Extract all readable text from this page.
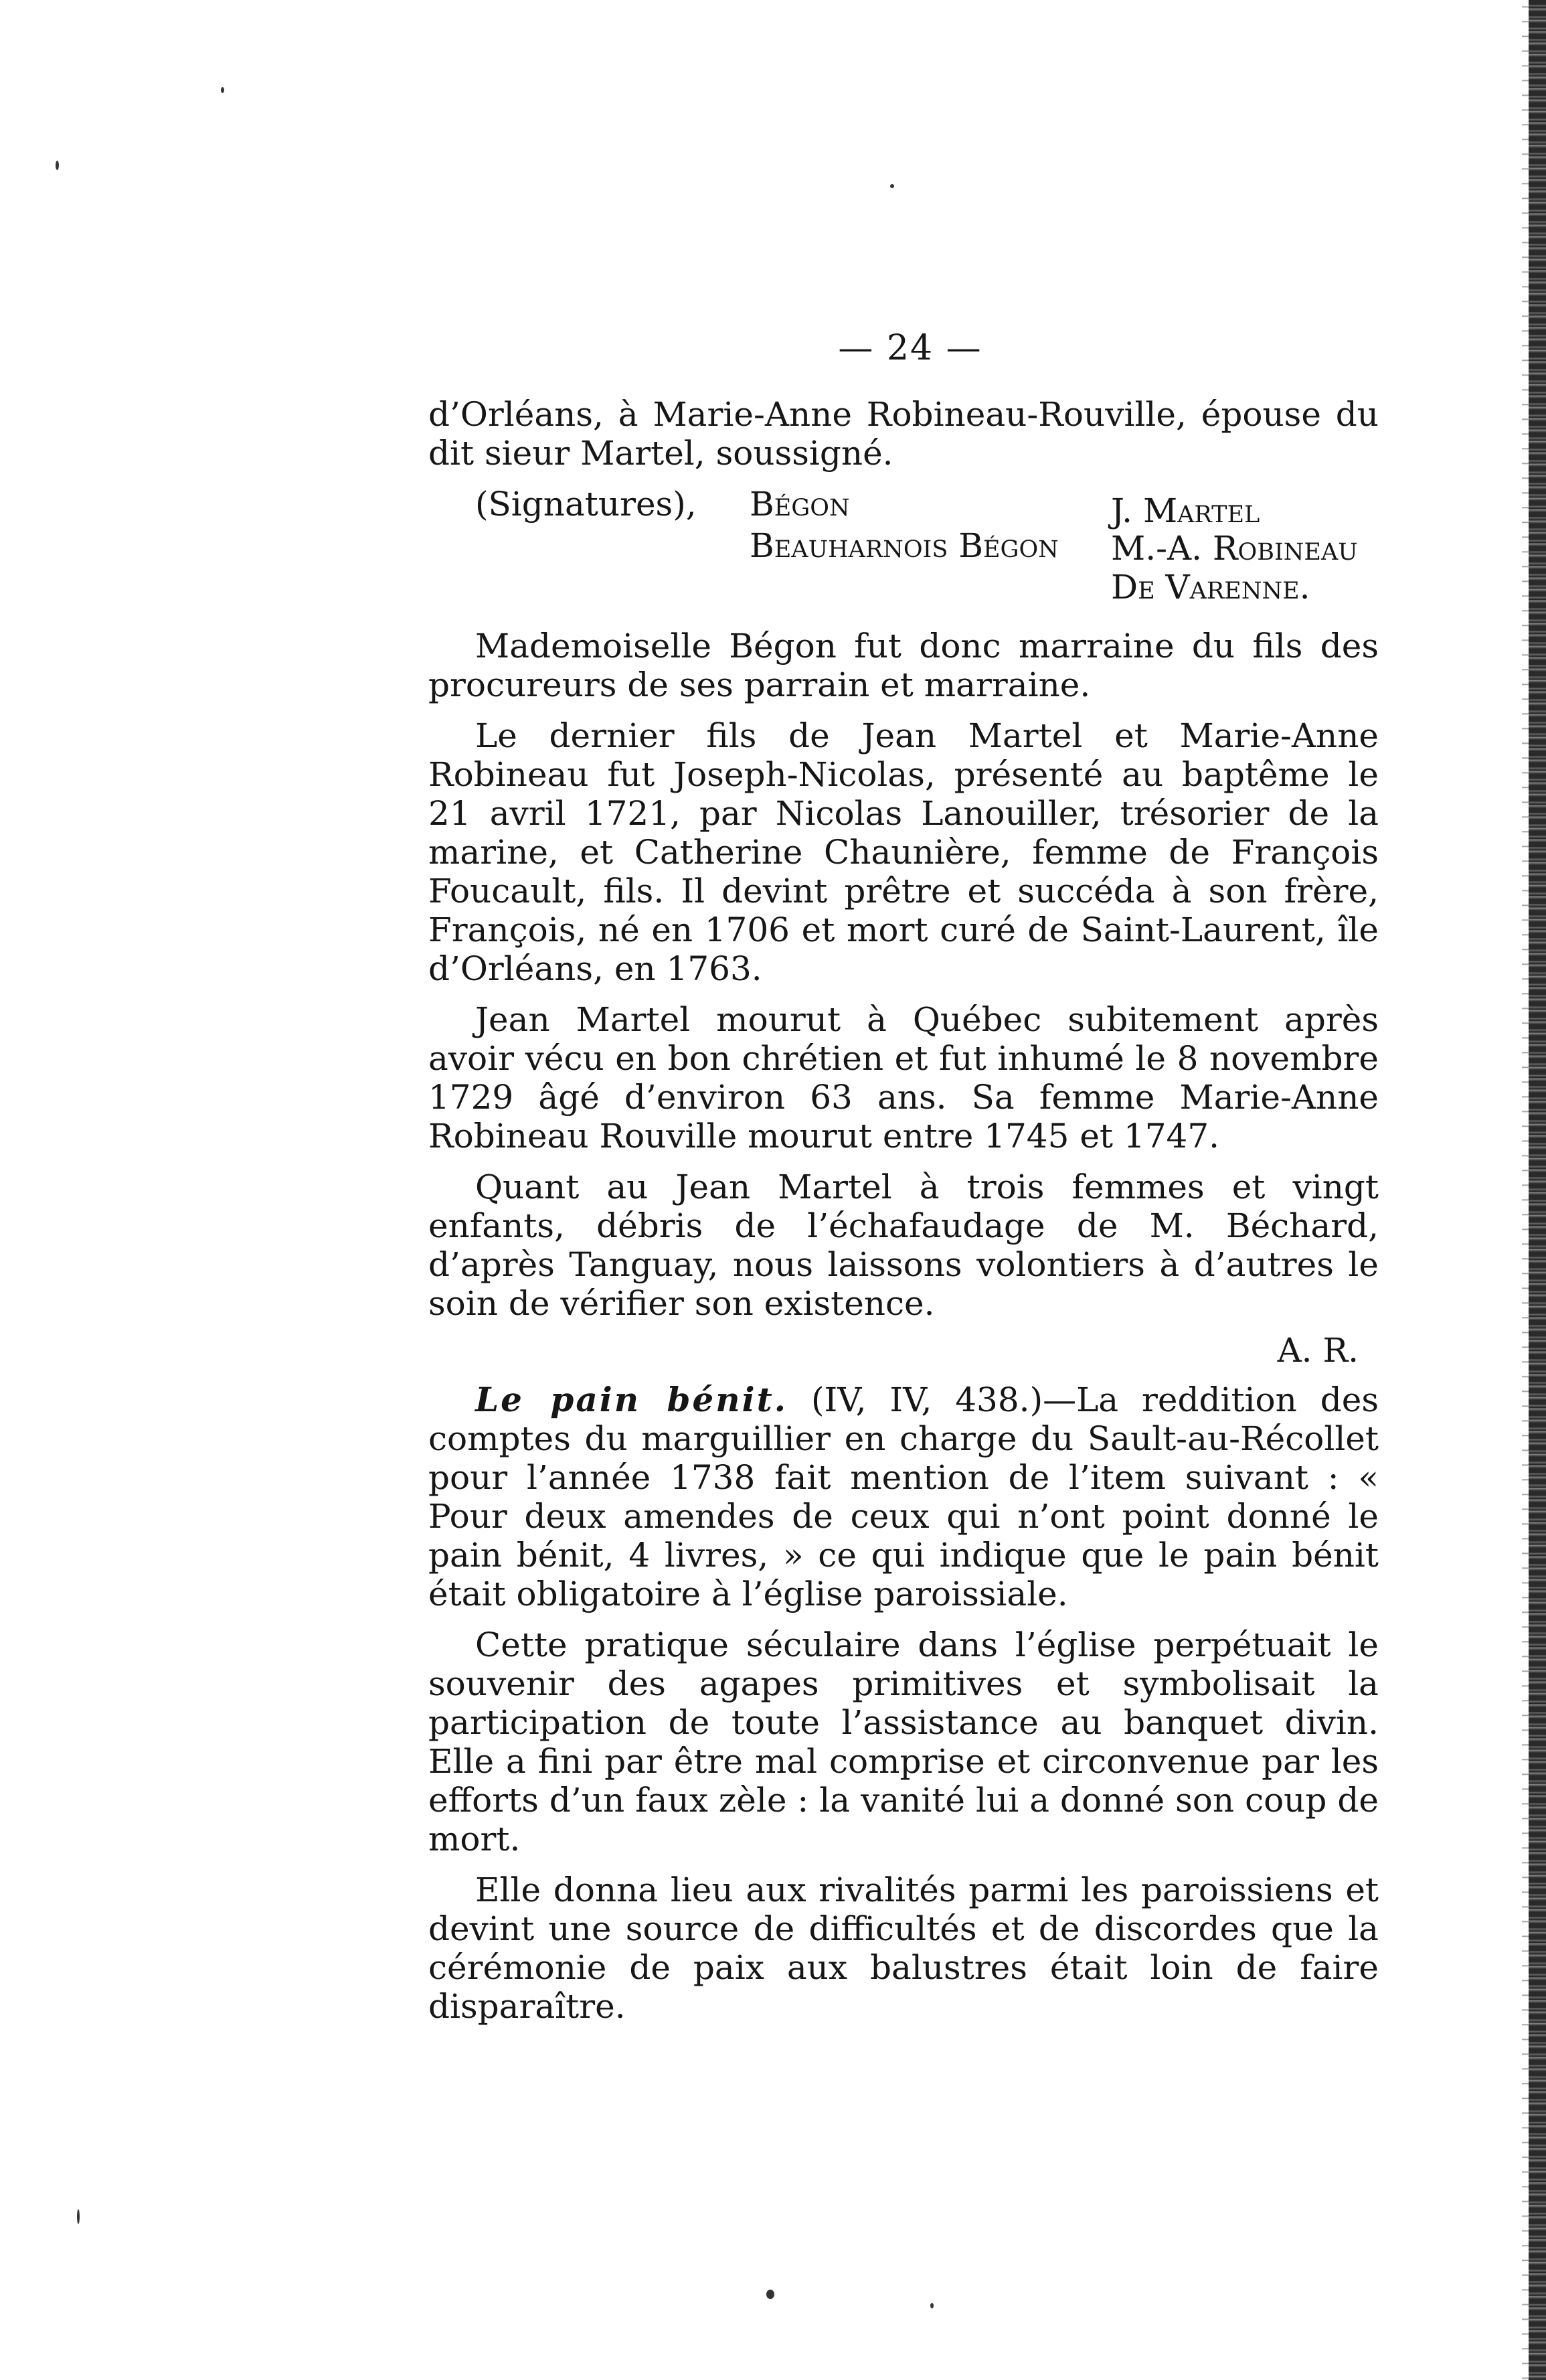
— 24 —

d’Orléans, à Marie-Anne Robineau-Rouville, épouse du dit sieur Martel, soussigné.

(Signatures), Bégon	J. Martel
Beauharnois Bégon M.-A. Robineau
De Varenne.

Mademoiselle Bégon fut donc marraine du fils des procureurs de ses parrain et marraine.

Le dernier fils de Jean Martel et Marie-Anne Robineau fut Joseph-Nicolas, présenté au baptême le 21 avril 1721, par Nicolas Lanouiller, trésorier de la marine, et Catherine Chaunière, femme de François Foucault, fils. Il devint prêtre et succéda à son frère, François, né en 1706 et mort curé de Saint-Laurent, île d’Orléans, en 1763.

Jean Martel mourut à Québec subitement après avoir vécu en bon chrétien et fut inhumé le 8 novembre 1729 âgé d’environ 63 ans. Sa femme Marie-Anne Robineau Rouville mourut entre 1745 et 1747.

Quant au Jean Martel à trois femmes et vingt enfants, débris de l’échafaudage de M. Béchard, d’après Tanguay, nous laissons volontiers à d’autres le soin de vérifier son existence.

A. R.

Le pain bénit. (IV, IV, 438.)—La reddition des comptes du marguillier en charge du Sault-au-Récollet pour l’année 1738 fait mention de l’item suivant : « Pour deux amendes de ceux qui n’ont point donné le pain bénit, 4 livres, » ce qui indique que le pain bénit était obligatoire à l’église paroissiale.

Cette pratique séculaire dans l’église perpétuait le souvenir des agapes primitives et symbolisait la participation de toute l’assistance au banquet divin. Elle a fini par être mal comprise et circonvenue par les efforts d’un faux zèle : la vanité lui a donné son coup de mort.

Elle donna lieu aux rivalités parmi les paroissiens et devint une source de difficultés et de discordes que la cérémonie de paix aux balustres était loin de faire disparaître.
